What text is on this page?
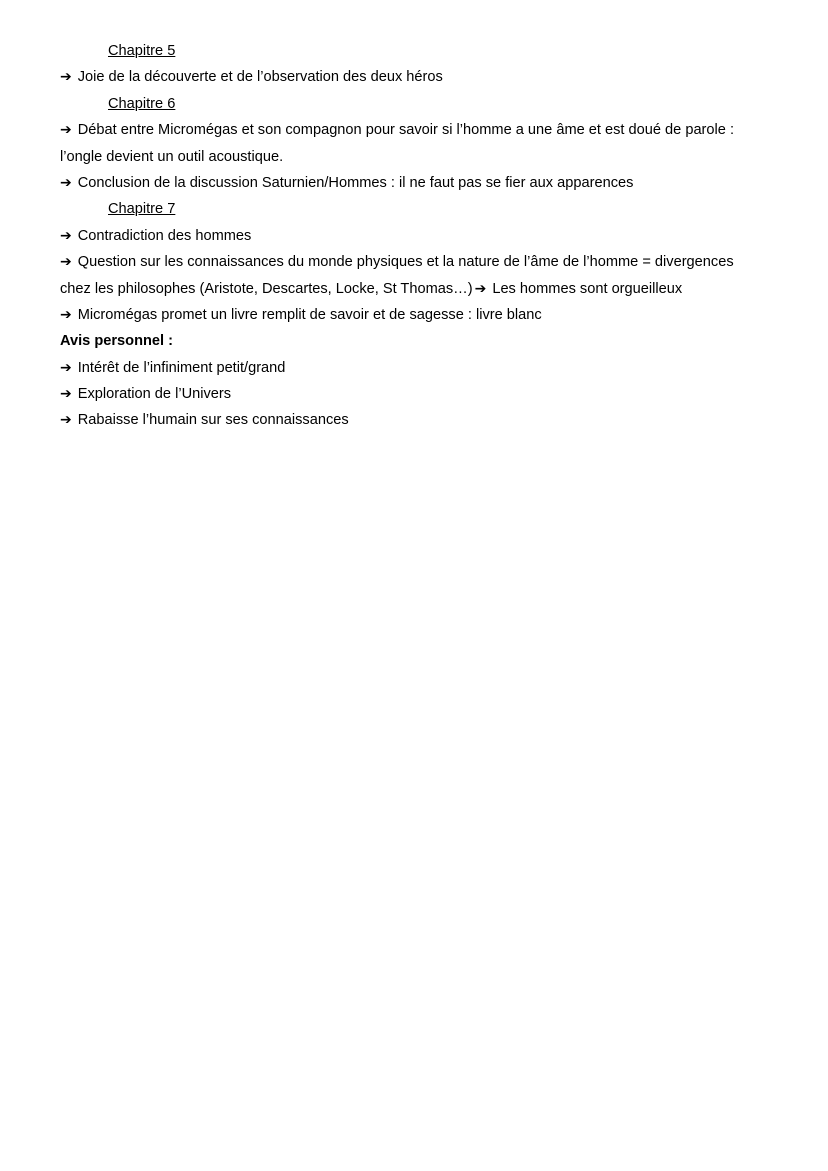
Chapitre 5
➔ Joie de la découverte et de l’observation des deux héros
Chapitre 6
➔ Débat entre Micromégas et son compagnon pour savoir si l’homme a une âme et est doué de parole :
l’ongle devient un outil acoustique.
➔ Conclusion de la discussion Saturnien/Hommes : il ne faut pas se fier aux apparences
Chapitre 7
➔ Contradiction des hommes
➔ Question sur les connaissances du monde physiques et la nature de l’âme de l’homme = divergences
chez les philosophes (Aristote, Descartes, Locke, St Thomas…) ➔ Les hommes sont orgueilleux
➔ Micromégas promet un livre remplit de savoir et de sagesse : livre blanc
Avis personnel :
➔ Intérêt de l’infiniment petit/grand
➔ Exploration de l’Univers
➔ Rabaisse l’humain sur ses connaissances
